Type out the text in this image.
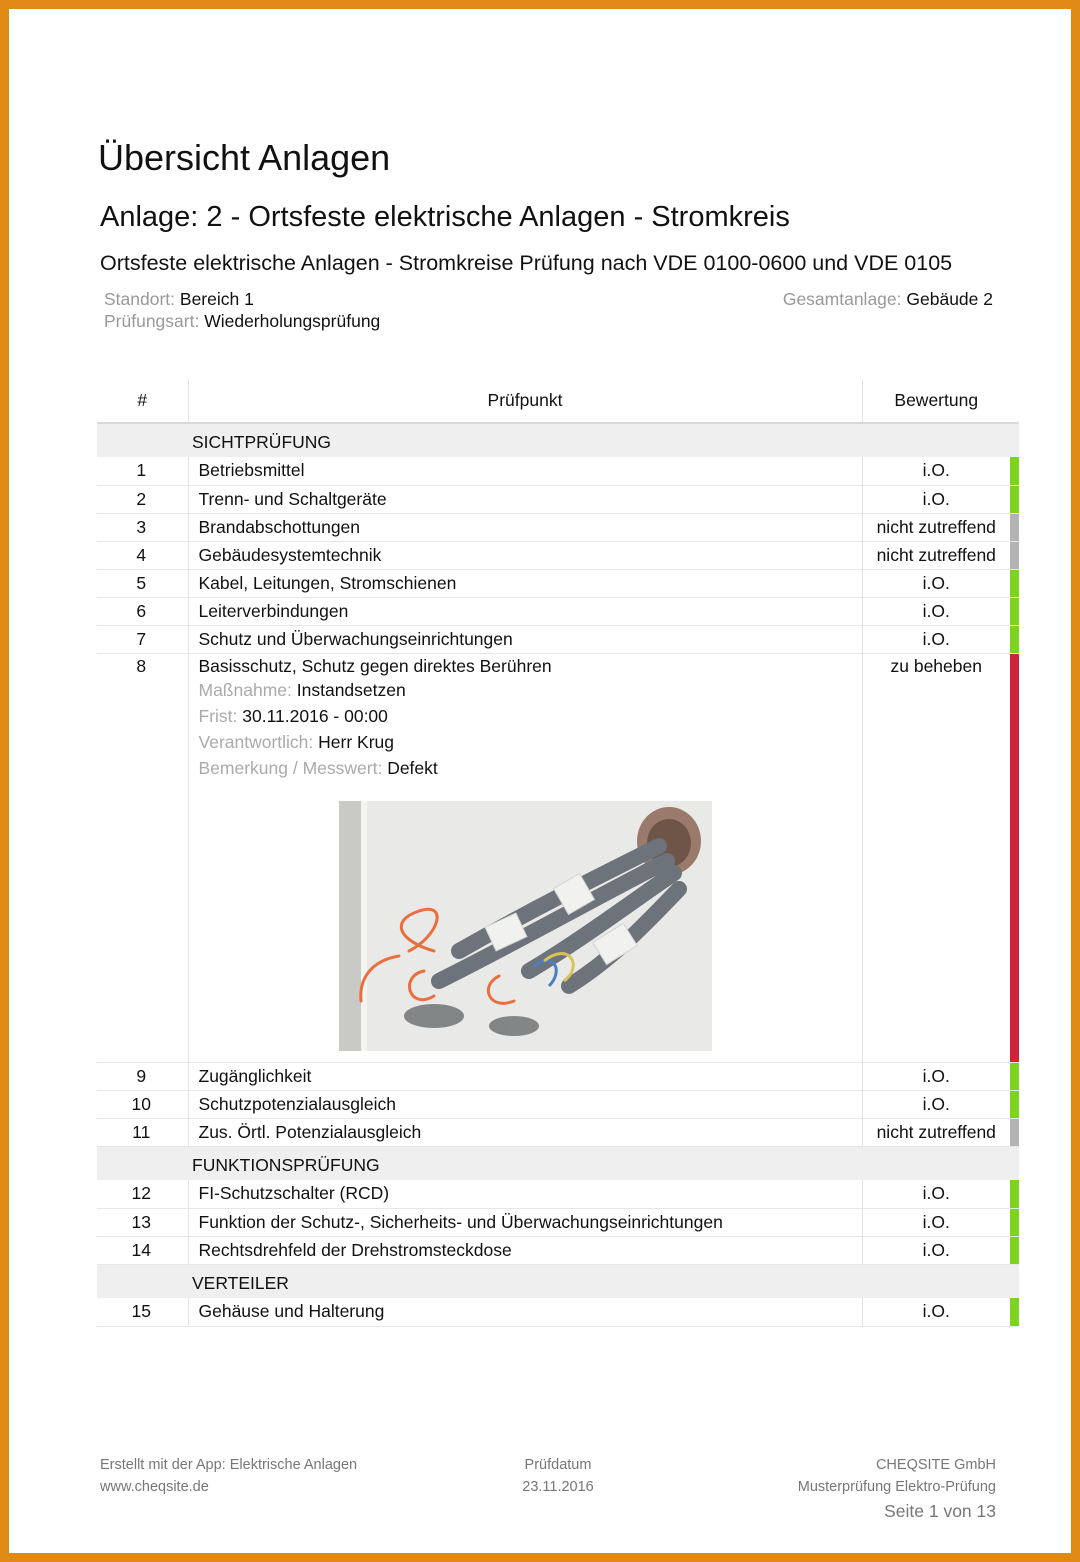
Übersicht Anlagen
Anlage: 2 - Ortsfeste elektrische Anlagen - Stromkreis
Ortsfeste elektrische Anlagen - Stromkreise Prüfung nach VDE 0100-0600 und VDE 0105
Standort: Bereich 1
Prüfungsart: Wiederholungsprüfung
Gesamtanlage: Gebäude 2
#	Prüfpunkt	Bewertung	
	SICHTPRÜFUNG		
1	Betriebsmittel	i.O.	

2	Trenn- und Schaltgeräte	i.O.	

3	Brandabschottungen	nicht zutreffend	

4	Gebäudesystemtechnik	nicht zutreffend	

5	Kabel, Leitungen, Stromschienen	i.O.	

6	Leiterverbindungen	i.O.	

7	Schutz und Überwachungseinrichtungen	i.O.	

8	Basisschutz, Schutz gegen direktes Berühren
Maßnahme: Instandsetzen
Frist: 30.11.2016 - 00:00
Verantwortlich: Herr Krug
Bemerkung / Messwert: Defekt	zu beheben	

9	Zugänglichkeit	i.O.	

10	Schutzpotenzialausgleich	i.O.	

11	Zus. Örtl. Potenzialausgleich	nicht zutreffend	

	FUNKTIONSPRÜFUNG		
12	FI-Schutzschalter (RCD)	i.O.	

13	Funktion der Schutz-, Sicherheits- und Überwachungseinrichtungen	i.O.	

14	Rechtsdrehfeld der Drehstromsteckdose	i.O.	

	VERTEILER		
15	Gehäuse und Halterung	i.O.	
Erstellt mit der App: Elektrische Anlagen
www.cheqsite.de
Prüfdatum
23.11.2016
CHEQSITE GmbH
Musterprüfung Elektro-Prüfung
Seite 1 von 13
